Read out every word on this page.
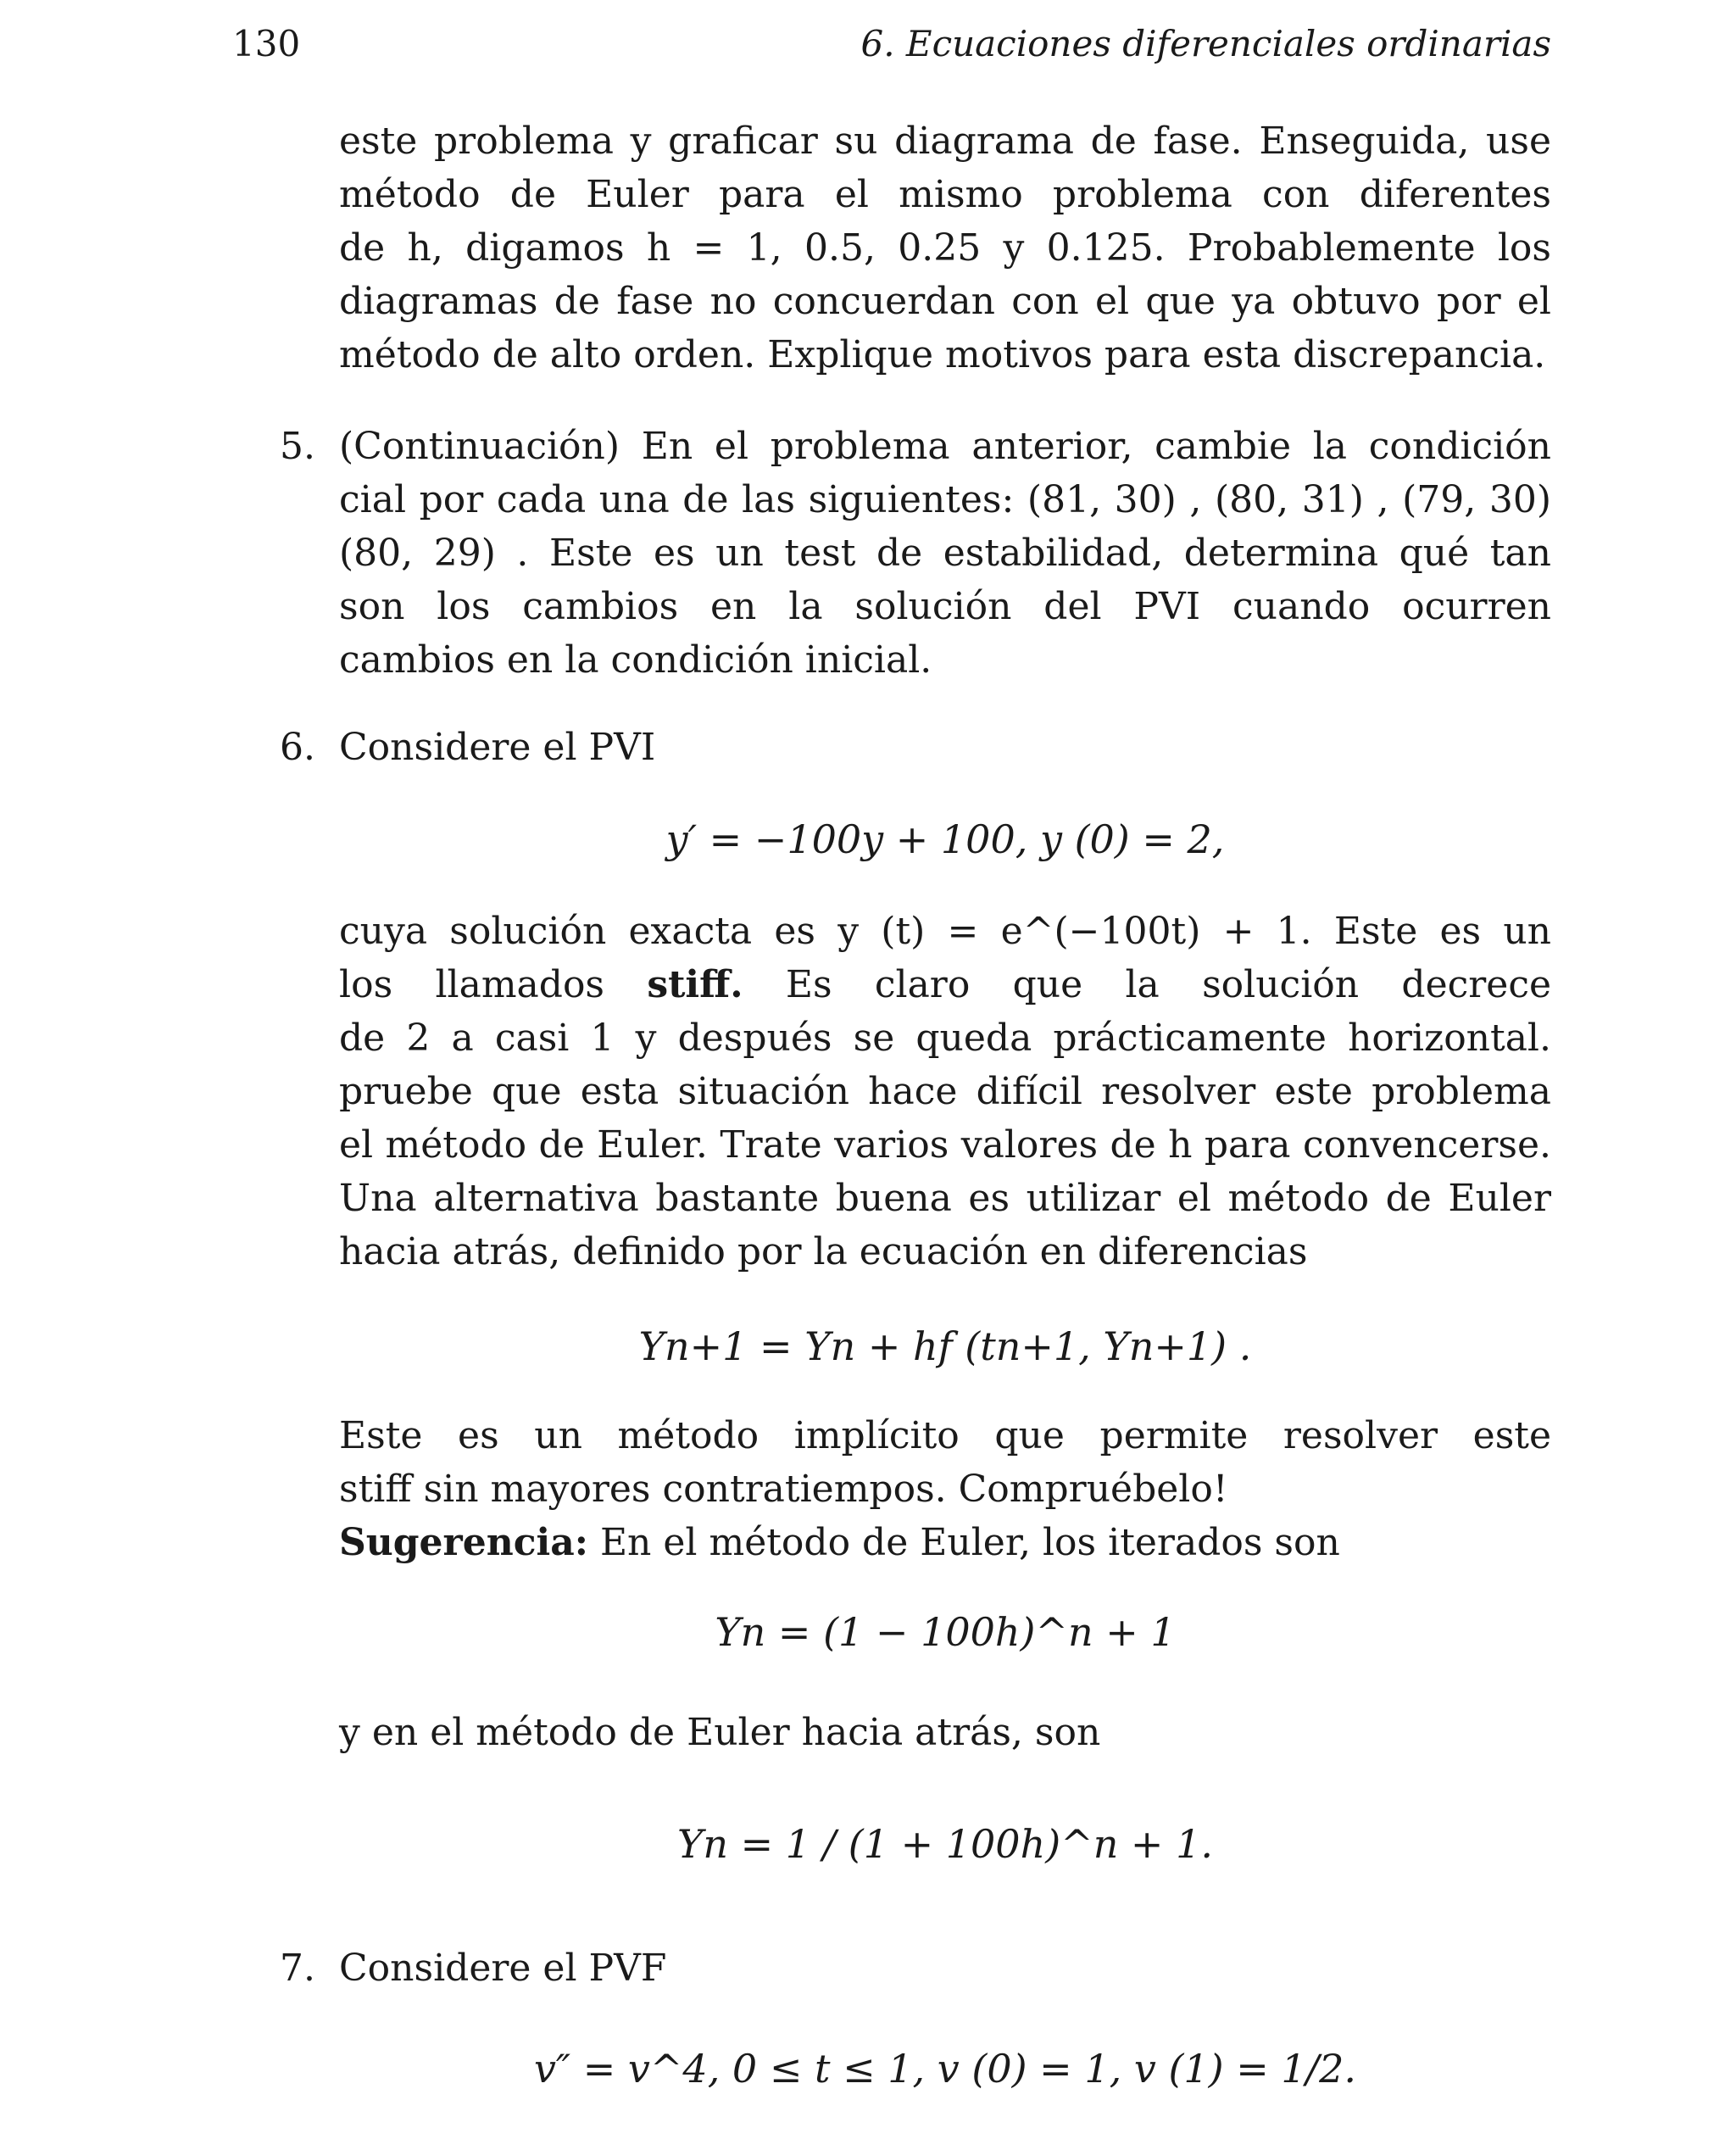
130	6. Ecuaciones diferenciales ordinarias
este problema y graficar su diagrama de fase. Enseguida, use
método de Euler para el mismo problema con diferentes
de h, digamos h = 1, 0.5, 0.25 y 0.125. Probablemente los
diagramas de fase no concuerdan con el que ya obtuvo por el
método de alto orden. Explique motivos para esta discrepancia.
5. (Continuación) En el problema anterior, cambie la condición
cial por cada una de las siguientes: (81, 30) , (80, 31) , (79, 30)
(80, 29) . Este es un test de estabilidad, determina qué tan
son los cambios en la solución del PVI cuando ocurren
cambios en la condición inicial.
6. Considere el PVI
y′ = −100y + 100, y (0) = 2,
cuya solución exacta es y (t) = e^(−100t) + 1. Este es un
los llamados stiff. Es claro que la solución decrece
de 2 a casi 1 y después se queda prácticamente horizontal.
pruebe que esta situación hace difícil resolver este problema
el método de Euler. Trate varios valores de h para convencerse.
Una alternativa bastante buena es utilizar el método de Euler
hacia atrás, definido por la ecuación en diferencias
Yn+1 = Yn + hf (tn+1, Yn+1) .
Este es un método implícito que permite resolver este
stiff sin mayores contratiempos. Compruébelo!
Sugerencia: En el método de Euler, los iterados son
Yn = (1 − 100h)^n + 1
y en el método de Euler hacia atrás, son
Yn = 1 / (1 + 100h)^n + 1.
7. Considere el PVF
v″ = v^4, 0 ≤ t ≤ 1, v (0) = 1, v (1) = 1/2.
